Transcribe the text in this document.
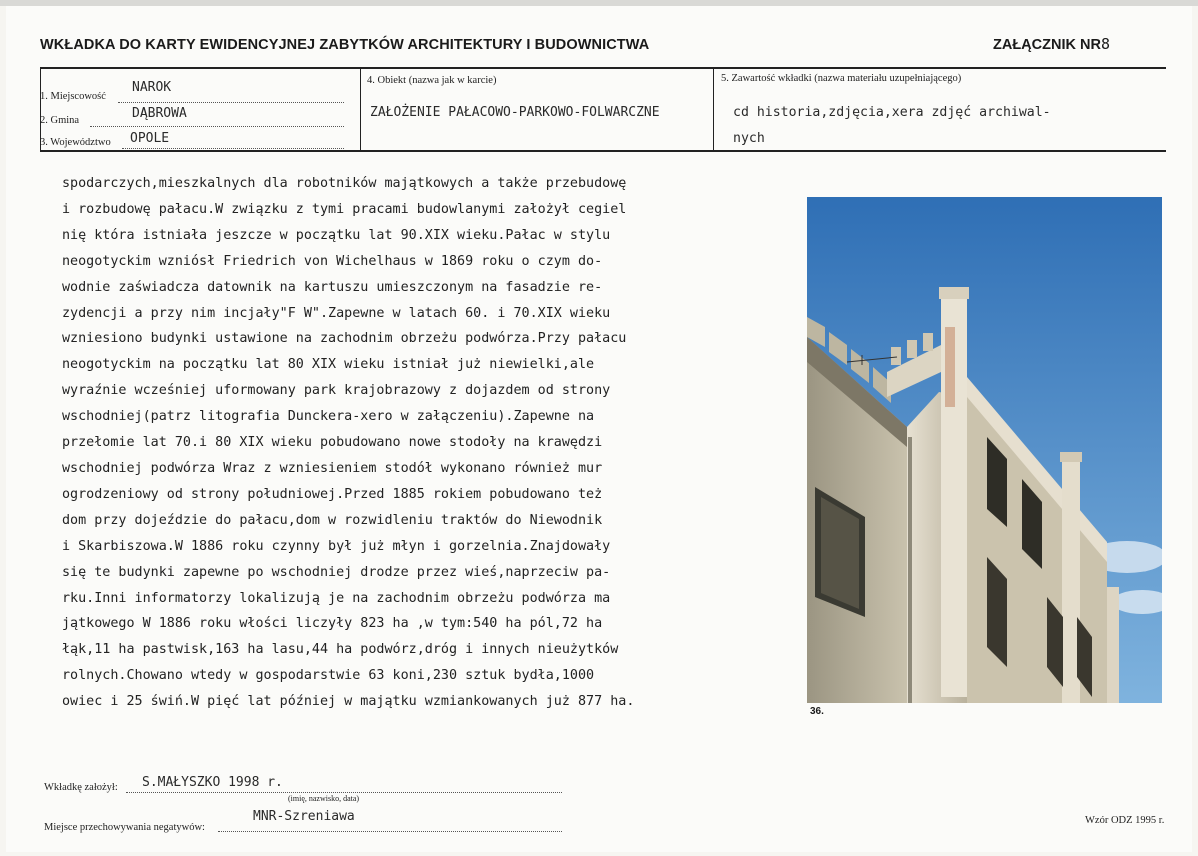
WKŁADKA DO KARTY EWIDENCYJNEJ ZABYTKÓW ARCHITEKTURY I BUDOWNICTWA	ZAŁĄCZNIK NR8
1. Miejscowość
NAROK
2. Gmina	DĄBROWA
3. Województwo OPOLE
4. Obiekt (nazwa jak w karcie)
ZAŁOŻENIE PAŁACOWO-PARKOWO-FOLWARCZNE
5. Zawartość wkładki (nazwa materiału uzupełniającego)
cd historia,zdjęcia,xera zdjęć archiwal-
nych
spodarczych,mieszkalnych dla robotników majątkowych a także przebudowę
i rozbudowę pałacu.W związku z tymi pracami budowlanymi założył cegiel
nię która istniała jeszcze w początku lat 90.XIX wieku.Pałac w stylu
neogotyckim wzniósł Friedrich von Wichelhaus w 1869 roku o czym do-
wodnie zaświadcza datownik na kartuszu umieszczonym na fasadzie re-
zydencji a przy nim incjały"F W".Zapewne w latach 60. i 70.XIX wieku
wzniesiono budynki ustawione na zachodnim obrzeżu podwórza.Przy pałacu
neogotyckim na początku lat 80 XIX wieku istniał już niewielki,ale
wyraźnie wcześniej uformowany park krajobrazowy z dojazdem od strony
wschodniej(patrz litografia Dunckera-xero w załączeniu).Zapewne na
przełomie lat 70.i 80 XIX wieku pobudowano nowe stodoły na krawędzi
wschodniej podwórza Wraz z wzniesieniem stodół wykonano również mur
ogrodzeniowy od strony południowej.Przed 1885 rokiem pobudowano też
dom przy dojeździe do pałacu,dom w rozwidleniu traktów do Niewodnik
i Skarbiszowa.W 1886 roku czynny był już młyn i gorzelnia.Znajdowały
się te budynki zapewne po wschodniej drodze przez wieś,naprzeciw pa-
rku.Inni informatorzy lokalizują je na zachodnim obrzeżu podwórza ma
jątkowego W 1886 roku włości liczyły 823 ha ,w tym:540 ha pól,72 ha
łąk,11 ha pastwisk,163 ha lasu,44 ha podwórz,dróg i innych nieużytków
rolnych.Chowano wtedy w gospodarstwie 63 koni,230 sztuk bydła,1000
owiec i 25 świń.W pięć lat później w majątku wzmiankowanych już 877 ha.
36.
Wkładkę założył: S.MAŁYSZKO 1998 r.
(imię, nazwisko, data)
Miejsce przechowywania negatywów:
MNR-Szreniawa	Wzór ODZ 1995 r.
